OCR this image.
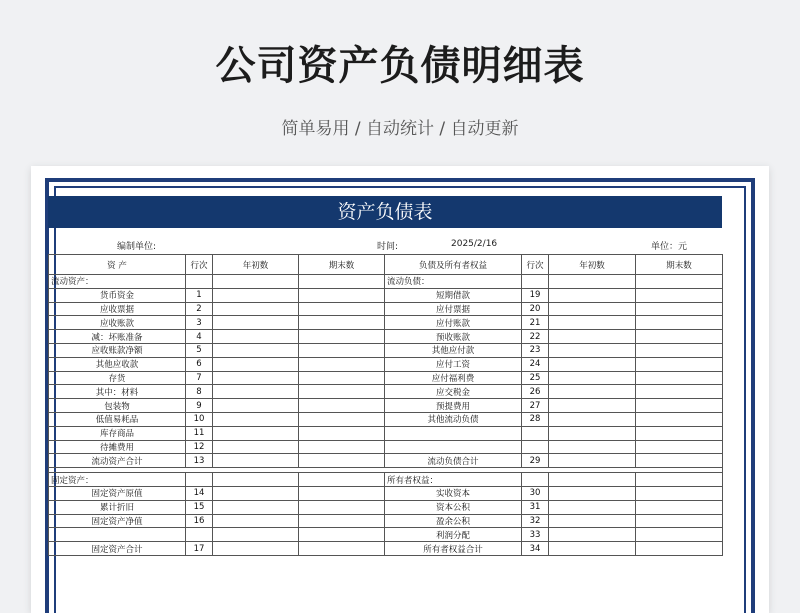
公司资产负债明细表
简单易用 / 自动统计 / 自动更新
资产负债表
编制单位:	时间:	2025/2/16	单位：元
资 产	行次	年初数	期末数	负债及所有者权益	行次	年初数	期末数
流动资产：				流动负债：			
货币资金	1			短期借款	19		
应收票据	2			应付票据	20		
应收账款	3			应付账款	21		
减：坏账准备	4			预收账款	22		
应收账款净额	5			其他应付款	23		
其他应收款	6			应付工资	24		
存货	7			应付福利费	25		
其中：材料	8			应交税金	26		
包装物	9			预提费用	27		
低值易耗品	10			其他流动负债	28		
库存商品	11						
待摊费用	12						
流动资产合计	13			流动负债合计	29		

固定资产：				所有者权益：			
固定资产原值	14			实收资本	30		
累计折旧	15			资本公积	31		
固定资产净值	16			盈余公积	32		
				利润分配	33		
固定资产合计	17			所有者权益合计	34		
